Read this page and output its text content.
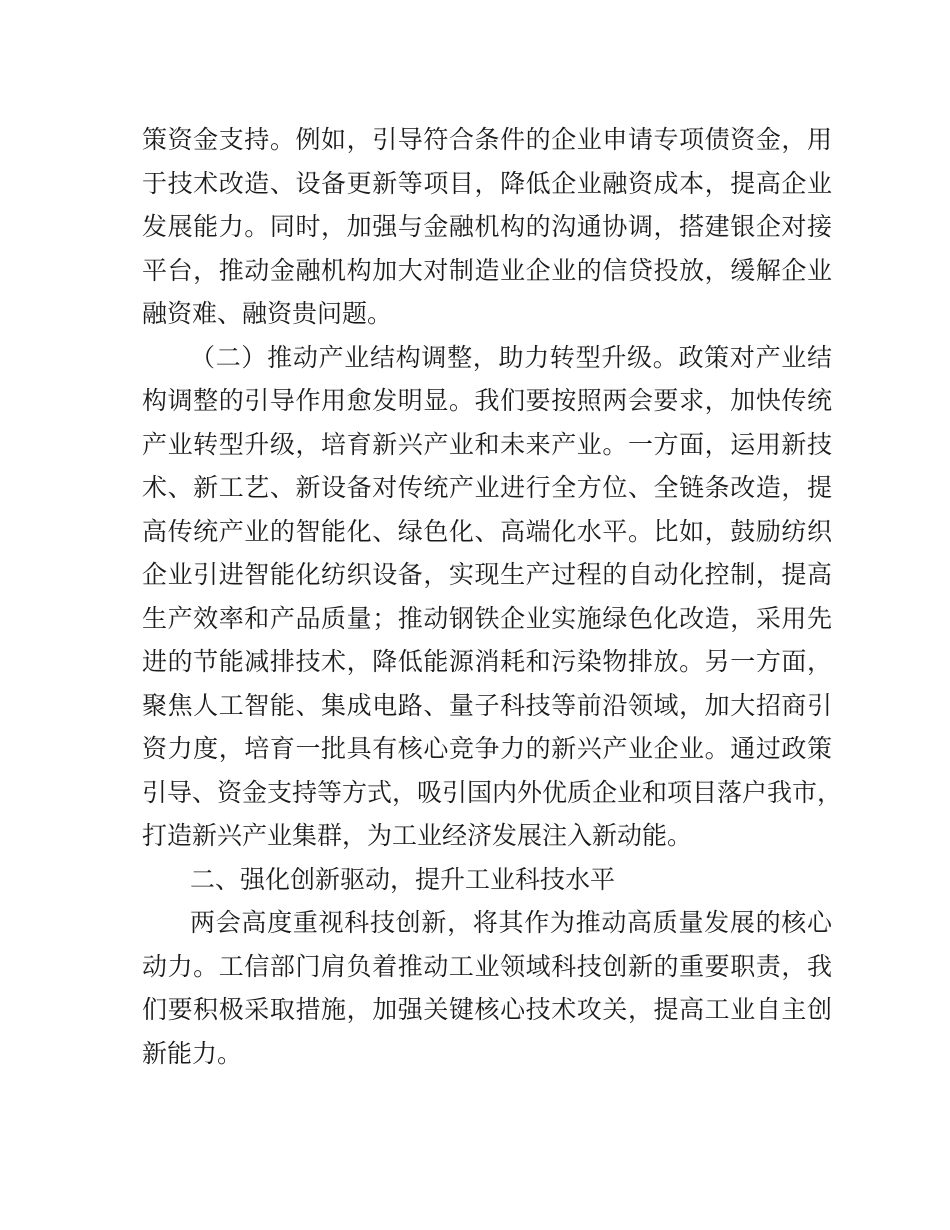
策资金支持。例如，引导符合条件的企业申请专项债资金，用
于技术改造、设备更新等项目，降低企业融资成本，提高企业
发展能力。同时，加强与金融机构的沟通协调，搭建银企对接
平台，推动金融机构加大对制造业企业的信贷投放，缓解企业
融资难、融资贵问题。
（二）推动产业结构调整，助力转型升级。政策对产业结
构调整的引导作用愈发明显。我们要按照两会要求，加快传统
产业转型升级，培育新兴产业和未来产业。一方面，运用新技
术、新工艺、新设备对传统产业进行全方位、全链条改造，提
高传统产业的智能化、绿色化、高端化水平。比如，鼓励纺织
企业引进智能化纺织设备，实现生产过程的自动化控制，提高
生产效率和产品质量；推动钢铁企业实施绿色化改造，采用先
进的节能减排技术，降低能源消耗和污染物排放。另一方面，
聚焦人工智能、集成电路、量子科技等前沿领域，加大招商引
资力度，培育一批具有核心竞争力的新兴产业企业。通过政策
引导、资金支持等方式，吸引国内外优质企业和项目落户我市，
打造新兴产业集群，为工业经济发展注入新动能。
二、强化创新驱动，提升工业科技水平
两会高度重视科技创新，将其作为推动高质量发展的核心
动力。工信部门肩负着推动工业领域科技创新的重要职责，我
们要积极采取措施，加强关键核心技术攻关，提高工业自主创
新能力。
